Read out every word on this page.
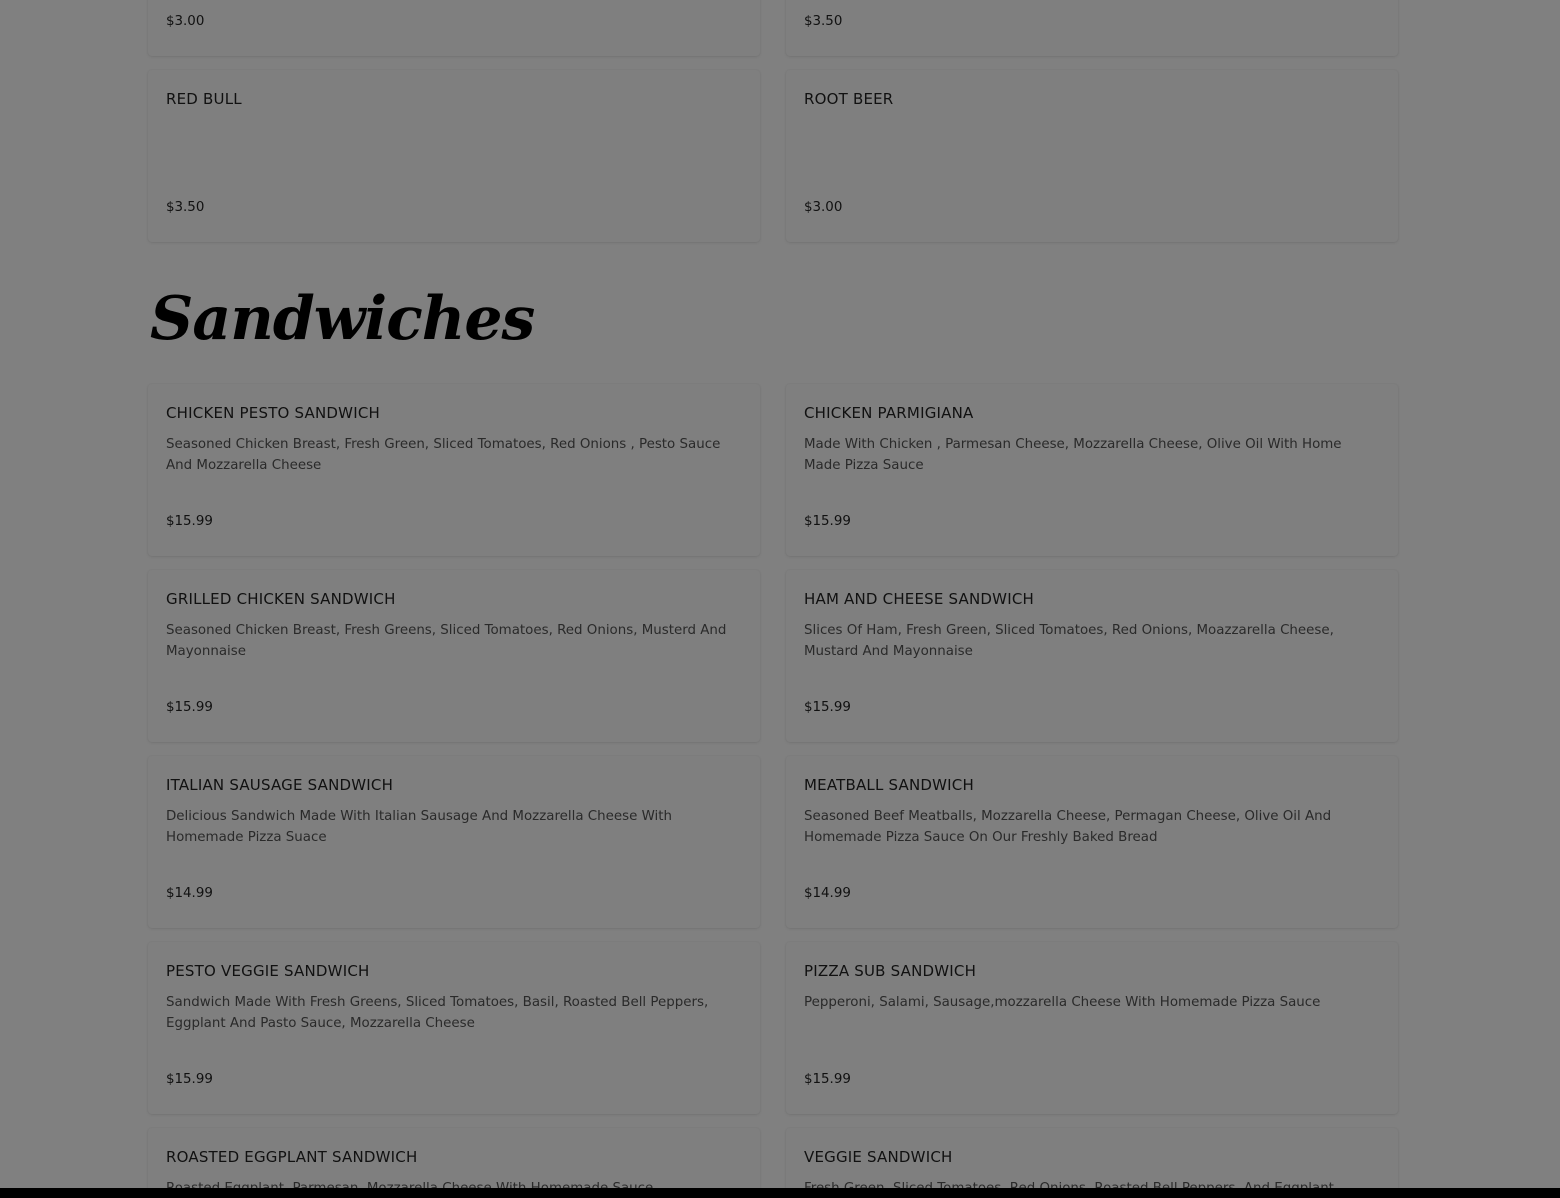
$3.00	$3.50
RED BULL
$3.50
ROOT BEER
$3.00
Sandwiches
CHICKEN PESTO SANDWICH
Seasoned Chicken Breast, Fresh Green, Sliced Tomatoes, Red Onions , Pesto Sauce And Mozzarella Cheese
$15.99
CHICKEN PARMIGIANA
Made With Chicken , Parmesan Cheese, Mozzarella Cheese, Olive Oil With Home Made Pizza Sauce
$15.99
GRILLED CHICKEN SANDWICH
Seasoned Chicken Breast, Fresh Greens, Sliced Tomatoes, Red Onions, Musterd And Mayonnaise
$15.99
HAM AND CHEESE SANDWICH
Slices Of Ham, Fresh Green, Sliced Tomatoes, Red Onions, Moazzarella Cheese, Mustard And Mayonnaise
$15.99
ITALIAN SAUSAGE SANDWICH
Delicious Sandwich Made With Italian Sausage And Mozzarella Cheese With Homemade Pizza Suace
$14.99
MEATBALL SANDWICH
Seasoned Beef Meatballs, Mozzarella Cheese, Permagan Cheese, Olive Oil And Homemade Pizza Sauce On Our Freshly Baked Bread
$14.99
PESTO VEGGIE SANDWICH
Sandwich Made With Fresh Greens, Sliced Tomatoes, Basil, Roasted Bell Peppers, Eggplant And Pasto Sauce, Mozzarella Cheese
$15.99
PIZZA SUB SANDWICH
Pepperoni, Salami, Sausage,mozzarella Cheese With Homemade Pizza Sauce
$15.99
ROASTED EGGPLANT SANDWICH	VEGGIE SANDWICH
